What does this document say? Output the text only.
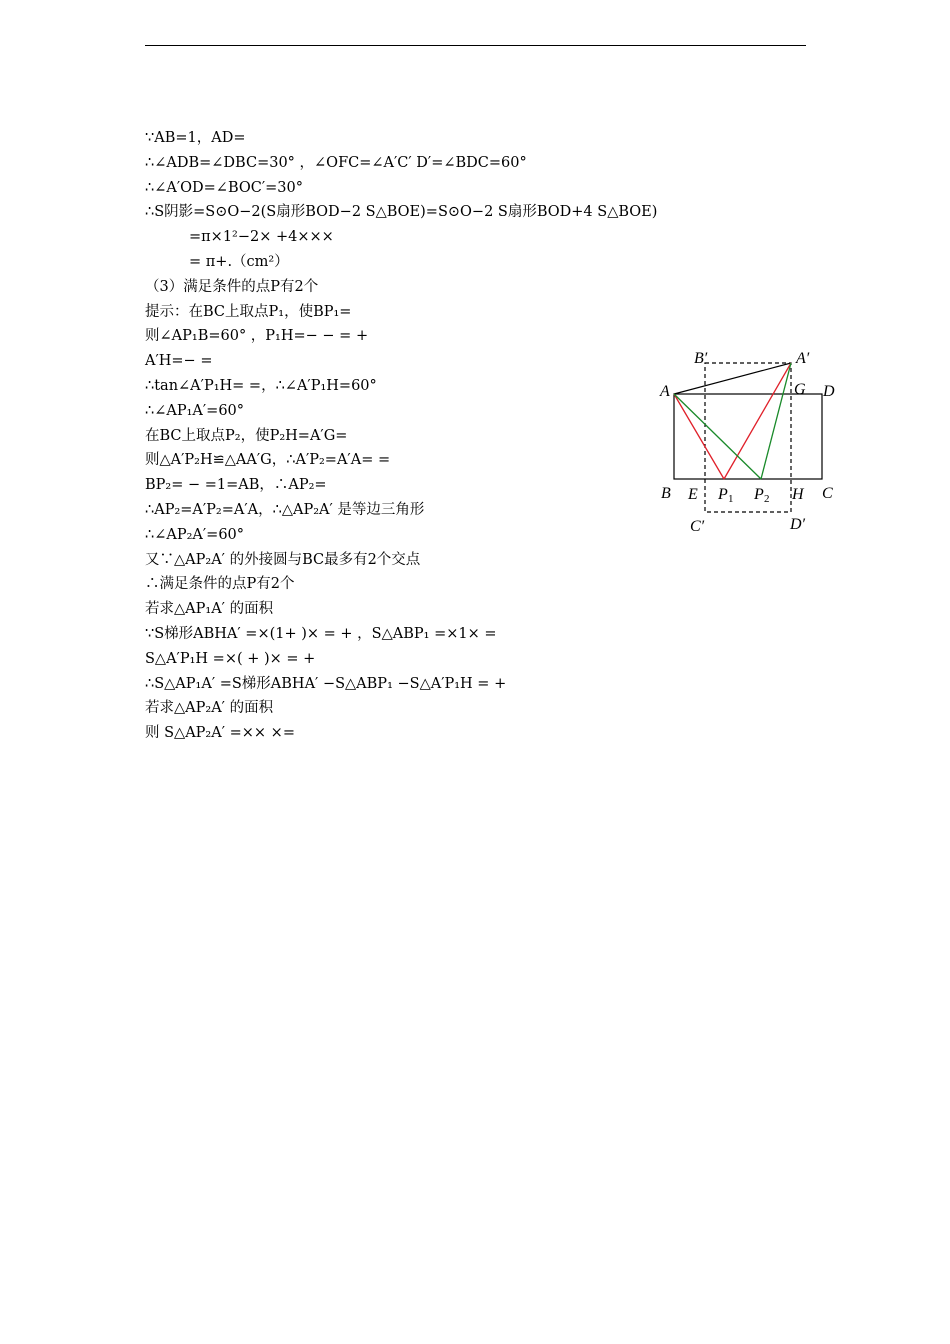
∵AB=1，AD=
∴∠ADB=∠DBC=30° ，∠OFC=∠A′C′ D′=∠BDC=60°
∴∠A′OD=∠BOC′=30°
∴S阴影=S⊙O−2(S扇形BOD−2 S△BOE)=S⊙O−2 S扇形BOD+4 S△BOE)
=π×1²−2× +4×××
= π+.（cm²）
（3）满足条件的点P有2个
提示：在BC上取点P₁，使BP₁=
则∠AP₁B=60° ，P₁H=− − = +
A′H=− =
∴tan∠A′P₁H= =，∴∠A′P₁H=60°
∴∠AP₁A′=60°
在BC上取点P₂，使P₂H=A′G=
则△A′P₂H≌△AA′G，∴A′P₂=A′A= =
BP₂= − =1=AB，∴AP₂=
∴AP₂=A′P₂=A′A，∴△AP₂A′ 是等边三角形
∴∠AP₂A′=60°
又∵△AP₂A′ 的外接圆与BC最多有2个交点
∴满足条件的点P有2个
若求△AP₁A′ 的面积
∵S梯形ABHA′ =×(1+ )× = + ，S△ABP₁ =×1× =
S△A′P₁H =×( + )× = +
∴S△AP₁A′ =S梯形ABHA′ −S△ABP₁ −S△A′P₁H = +
若求△AP₂A′ 的面积
则 S△AP₂A′ =×× ×=
A	D
B	C
B′	A′
G
E	H
C′	D′
P 1 P 2
